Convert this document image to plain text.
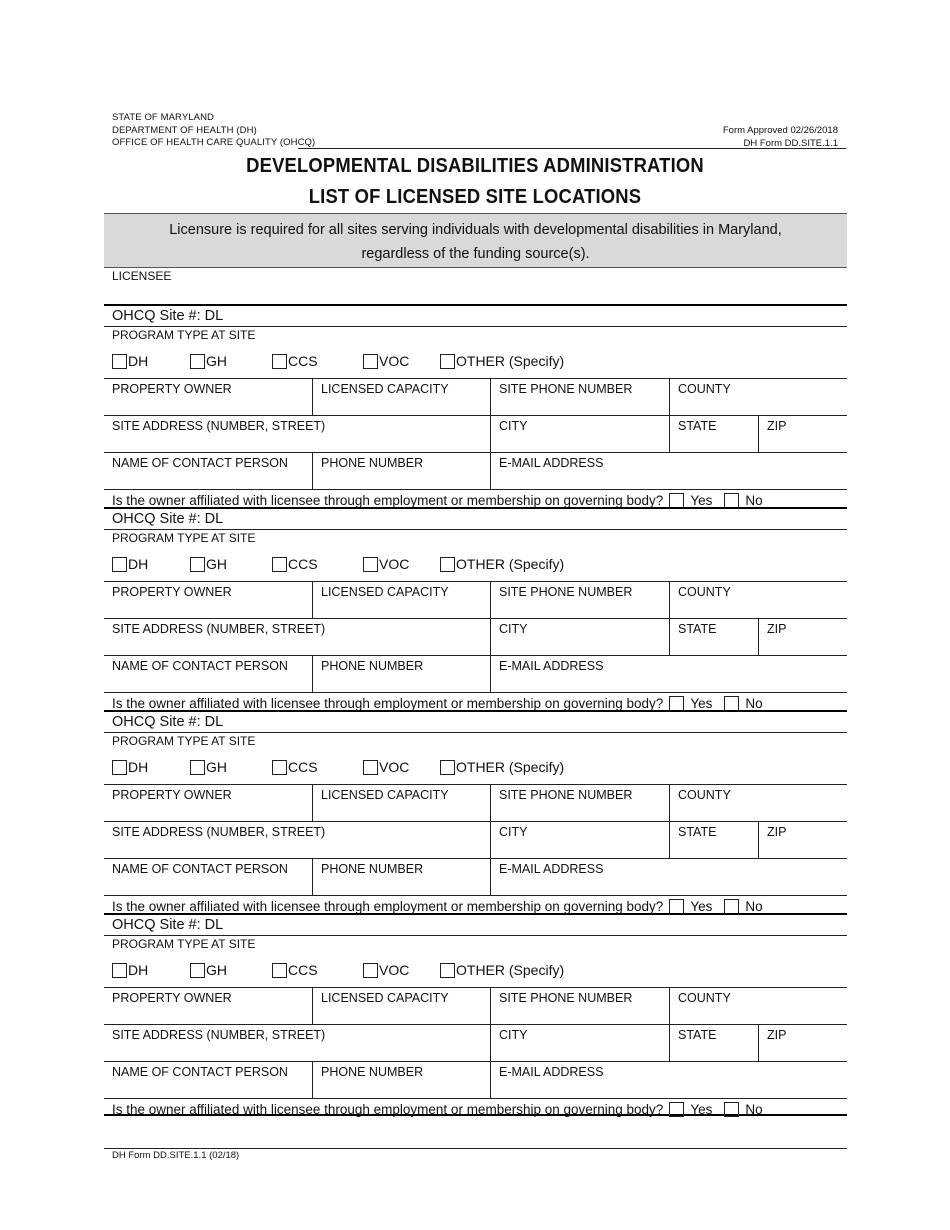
STATE OF MARYLAND
DEPARTMENT OF HEALTH (DH)
OFFICE OF HEALTH CARE QUALITY (OHCQ)
Form Approved 02/26/2018
DH Form DD.SITE.1.1
DEVELOPMENTAL DISABILITIES ADMINISTRATION
LIST OF LICENSED SITE LOCATIONS
Licensure is required for all sites serving individuals with developmental disabilities in Maryland,
regardless of the funding source(s).
LICENSEE
OHCQ Site #: DL
PROGRAM TYPE AT SITE
DH	GH	CCS	VOC	OTHER (Specify)
PROPERTY OWNER	LICENSED CAPACITY	SITE PHONE NUMBER	COUNTY
SITE ADDRESS (NUMBER, STREET)	CITY	STATE	ZIP
NAME OF CONTACT PERSON	PHONE NUMBER	E-MAIL ADDRESS
Is the owner affiliated with licensee through employment or membership on governing body? Yes No
OHCQ Site #: DL
PROGRAM TYPE AT SITE
DH	GH	CCS	VOC	OTHER (Specify)
PROPERTY OWNER	LICENSED CAPACITY	SITE PHONE NUMBER	COUNTY
SITE ADDRESS (NUMBER, STREET)	CITY	STATE	ZIP
NAME OF CONTACT PERSON	PHONE NUMBER	E-MAIL ADDRESS
Is the owner affiliated with licensee through employment or membership on governing body? Yes No
OHCQ Site #: DL
PROGRAM TYPE AT SITE
DH	GH	CCS	VOC	OTHER (Specify)
PROPERTY OWNER	LICENSED CAPACITY	SITE PHONE NUMBER	COUNTY
SITE ADDRESS (NUMBER, STREET)	CITY	STATE	ZIP
NAME OF CONTACT PERSON	PHONE NUMBER	E-MAIL ADDRESS
Is the owner affiliated with licensee through employment or membership on governing body? Yes No
OHCQ Site #: DL
PROGRAM TYPE AT SITE
DH	GH	CCS	VOC	OTHER (Specify)
PROPERTY OWNER	LICENSED CAPACITY	SITE PHONE NUMBER	COUNTY
SITE ADDRESS (NUMBER, STREET)	CITY	STATE	ZIP
NAME OF CONTACT PERSON	PHONE NUMBER	E-MAIL ADDRESS
Is the owner affiliated with licensee through employment or membership on governing body? Yes No
DH Form DD.SITE.1.1 (02/18)
